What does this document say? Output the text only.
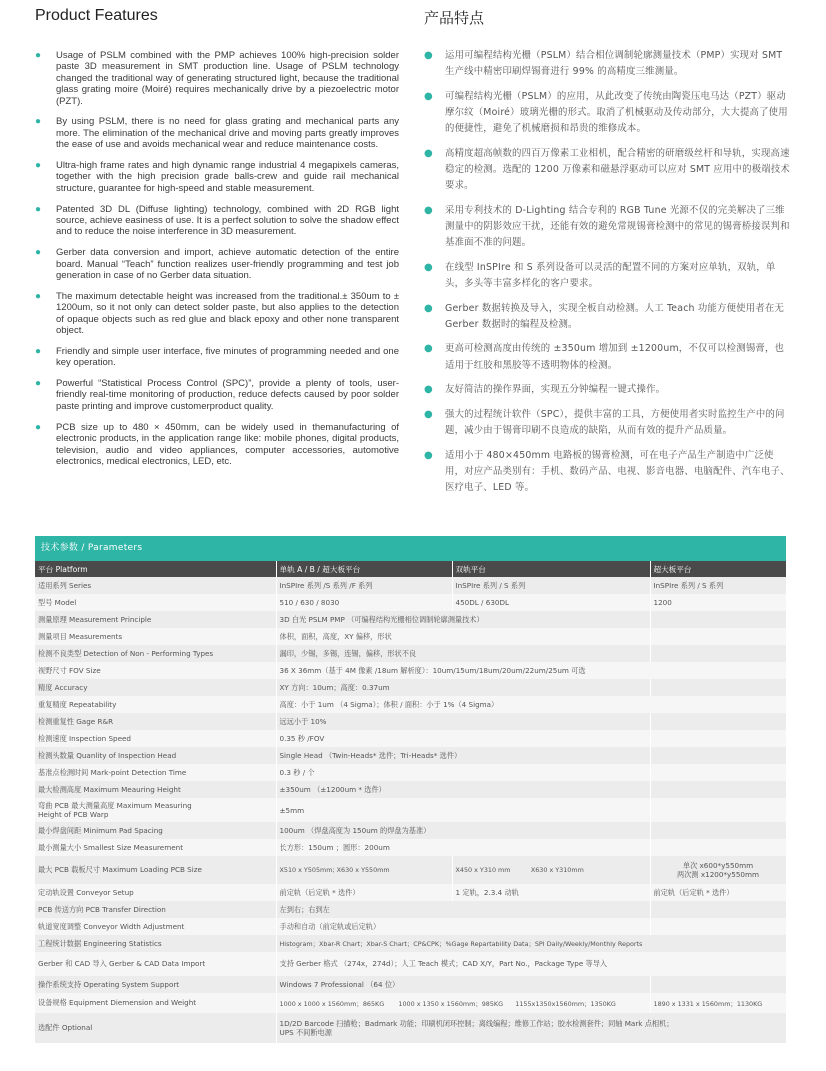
Product Features	产品特点
● Usage of PSLM combined with the PMP achieves 100% high-precision solder paste 3D measurement in SMT production line. Usage of PSLM technology changed the traditional way of generating structured light, because the traditional glass grating moire (Moiré) requires mechanically drive by a piezoelectric motor (PZT).
● By using PSLM, there is no need for glass grating and mechanical parts any more. The elimination of the mechanical drive and moving parts greatly improves the ease of use and avoids mechanical wear and reduce maintenance costs.
● Ultra-high frame rates and high dynamic range industrial 4 megapixels cameras, together with the high precision grade balls-crew and guide rail mechanical structure, guarantee for high-speed and stable measurement.
● Patented 3D DL (Diffuse lighting) technology, combined with 2D RGB light source, achieve easiness of use. It is a perfect solution to solve the shadow effect and to reduce the noise interference in 3D measurement.
● Gerber data conversion and import, achieve automatic detection of the entire board. Manual “Teach” function realizes user-friendly programming and test job generation in case of no Gerber data situation.
● The maximum detectable height was increased from the traditional.± 350um to ± 1200um, so it not only can detect solder paste, but also applies to the detection of opaque objects such as red glue and black epoxy and other none transparent object.
● Friendly and simple user interface, five minutes of programming needed and one key operation.
● Powerful “Statistical Process Control (SPC)”, provide a plenty of tools, user-friendly real-time monitoring of production, reduce defects caused by poor solder paste printing and improve customerproduct quality.
● PCB size up to 480 × 450mm, can be widely used in themanufacturing of electronic products, in the application range like: mobile phones, digital products, television, audio and video appliances, computer accessories, automotive electronics, medical electronics, LED, etc.
● 运用可编程结构光栅（PSLM）结合相位调制轮廓测量技术（PMP）实现对 SMT 生产线中精密印刷焊锡膏进行 99% 的高精度三维测量。
● 可编程结构光栅（PSLM）的应用，从此改变了传统由陶瓷压电马达（PZT）驱动摩尔纹（Moiré）玻璃光栅的形式。取消了机械驱动及传动部分，大大提高了使用的便捷性，避免了机械磨损和昂贵的维修成本。
● 高精度超高帧数的四百万像素工业相机，配合精密的研磨级丝杆和导轨，实现高速稳定的检测。选配的 1200 万像素和磁悬浮驱动可以应对 SMT 应用中的极端技术要求。
● 采用专利技术的 D-Lighting 结合专利的 RGB Tune 光源不仅的完美解决了三维测量中的阴影效应干扰，还能有效的避免常规锡膏检测中的常见的锡膏桥接误判和基准面不准的问题。
● 在线型 InSPIre 和 S 系列设备可以灵活的配置不同的方案对应单轨，双轨，单头，多头等丰富多样化的客户要求。
● Gerber 数据转换及导入，实现全板自动检测。人工 Teach 功能方便使用者在无 Gerber 数据时的编程及检测。
● 更高可检测高度由传统的 ±350um 增加到 ±1200um，不仅可以检测锡膏，也适用于红胶和黑胶等不透明物体的检测。
● 友好简洁的操作界面，实现五分钟编程一键式操作。
● 强大的过程统计软件（SPC），提供丰富的工具，方便使用者实时监控生产中的问题，减少由于锡膏印刷不良造成的缺陷，从而有效的提升产品质量。
● 适用小于 480×450mm 电路板的锡膏检测，可在电子产品生产制造中广泛使用，对应产品类别有：手机、数码产品、电视、影音电器、电脑配件、汽车电子、医疗电子、LED 等。
技术参数 / Parameters
平台 Platform	单轨 A / B / 超大板平台	双轨平台	超大板平台
适用系列 Series	InSPIre 系列 /S 系列 /F 系列	InSPIre 系列 / S 系列	InSPIre 系列 / S 系列
型号 Model	510 / 630 / 8030	450DL / 630DL	1200
测量原理 Measurement Principle	3D 白光 PSLM PMP （可编程结构光栅相位调制轮廓测量技术）		
测量项目 Measurements	体积，面积，高度，XY 偏移，形状		
检测不良类型 Detection of Non - Performing Types	漏印，少锡，多锡，连锡，偏移，形状不良		
视野尺寸 FOV Size	36 X 36mm（基于 4M 像素 /18um 解析度）：10um/15um/18um/20um/22um/25um 可选		
精度 Accuracy	XY 方向：10um；高度：0.37um		
重复精度 Repeatability	高度：小于 1um （4 Sigma）；体积 / 面积：小于 1%（4 Sigma）		
检测重复性 Gage R&R	远远小于 10%		
检测速度 Inspection Speed	0.35 秒 /FOV		
检测头数量 Quanlity of Inspection Head	Single Head （Twin-Heads* 选件；Tri-Heads* 选件）		
基准点检测时间 Mark-point Detection Time	0.3 秒 / 个		
最大检测高度 Maximum Meauring Height	±350um （±1200um * 选件）		

弯曲 PCB 最大测量高度 Maximum Measuring
Height of PCB Warp	±5mm		
最小焊盘间距 Minimum Pad Spacing	100um （焊盘高度为 150um 的焊盘为基准）		
最小测量大小 Smallest Size Measurement	长方形：150um ；圆形：200um		
最大 PCB 载板尺寸 Maximum Loading PCB Size	X510 x Y505mm; X630 x Y550mm	X450 x Y310 mm X630 x Y310mm	单次 x600*y550mm
两次测 x1200*y550mm

定动轨设置 Conveyor Setup	前定轨（后定轨 * 选件）	1 定轨，2.3.4 动轨	前定轨（后定轨 * 选件）
PCB 传送方向 PCB Transfer Direction	左到右；右到左		
轨道宽度调整 Conveyor Width Adjustment	手动和自动（前定轨或后定轨）		
工程统计数据 Engineering Statistics	Histogram；Xbar-R Chart；Xbar-S Chart；CP&CPK；%Gage Repartability Data；SPI Daily/Weekly/Monthly Reports		
Gerber 和 CAD 导入 Gerber & CAD Data Import	支持 Gerber 格式 （274x，274d）；人工 Teach 模式；CAD X/Y，Part No.，Package Type 等导入		
操作系统支持 Operating System Support	Windows 7 Professional （64 位）		
设备规格 Equipment Diemension and Weight	1000 x 1000 x 1560mm；865KG 1000 x 1350 x 1560mm；985KG 1155x1350x1560mm；1350KG		1890 x 1331 x 1560mm；1130KG
选配件 Optional	1D/2D Barcode 扫描枪；Badmark 功能；印刷机闭环控制；离线编程；维修工作站；胶水检测套件；同轴 Mark 点相机；
UPS 不间断电源		
